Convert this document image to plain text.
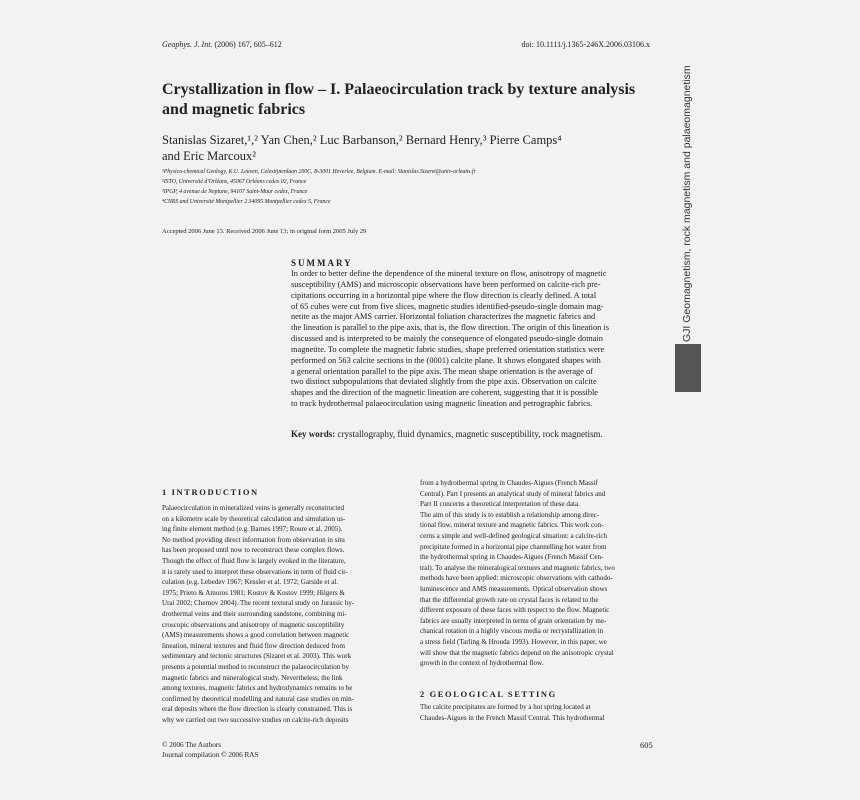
Geophys. J. Int. (2006) 167, 605–612	doi: 10.1111/j.1365-246X.2006.03106.x
Crystallization in flow – I. Palaeocirculation track by texture analysis
and magnetic fabrics
Stanislas Sizaret,¹,² Yan Chen,² Luc Barbanson,² Bernard Henry,³ Pierre Camps⁴
and Eric Marcoux²
¹Physico-chemical Geology, K.U. Leuven, Celestijnenlaan 200C, B-3001 Heverlee, Belgium. E-mail: Stanislas.Sizaret@univ-orleans.fr
²ISTO, Université d'Orléans, 45067 Orléans cedex 02, France
³IPGP, 4 avenue de Neptune, 94107 Saint-Maur cedex, France
⁴CNRS and Université Montpellier 2 34095 Montpellier cedex 5, France
Accepted 2006 June 13. Received 2006 June 13; in original form 2005 July 29
SUMMARY
In order to better define the dependence of the mineral texture on flow, anisotropy of magnetic
susceptibility (AMS) and microscopic observations have been performed on calcite-rich pre-
cipitations occurring in a horizontal pipe where the flow direction is clearly defined. A total
of 65 cubes were cut from five slices, magnetic studies identified-pseudo-single domain mag-
netite as the major AMS carrier. Horizontal foliation characterizes the magnetic fabrics and
the lineation is parallel to the pipe axis, that is, the flow direction. The origin of this lineation is
discussed and is interpreted to be mainly the consequence of elongated pseudo-single domain
magnetite. To complete the magnetic fabric studies, shape preferred orientation statistics were
performed on 563 calcite sections in the (0001) calcite plane. It shows elongated shapes with
a general orientation parallel to the pipe axis. The mean shape orientation is the average of
two distinct subpopulations that deviated slightly from the pipe axis. Observation on calcite
shapes and the direction of the magnetic lineation are coherent, suggesting that it is possible
to track hydrothermal palaeocirculation using magnetic lineation and petrographic fabrics.
Key words: crystallography, fluid dynamics, magnetic susceptibility, rock magnetism.
1 INTRODUCTION
Palaeocirculation in mineralized veins is generally reconstructed
on a kilometre scale by theoretical calculation and simulation us-
ing finite element method (e.g. Barnes 1997; Roure et al. 2005).
No method providing direct information from observation in situ
has been proposed until now to reconstruct these complex flows.
Though the effect of fluid flow is largely evoked in the literature,
it is rarely used to interpret these observations in term of fluid cir-
culation (e.g. Lebedev 1967; Kessler et al. 1972; Garside et al.
1975; Prieto & Amoros 1981; Kostov & Kostov 1999; Hilgers &
Urai 2002; Chernov 2004). The recent textural study on Jurassic hy-
drothermal veins and their surrounding sandstone, combining mi-
croscopic observations and anisotropy of magnetic susceptibility
(AMS) measurements shows a good correlation between magnetic
lineation, mineral textures and fluid flow direction deduced from
sedimentary and tectonic structures (Sizaret et al. 2003). This work
presents a potential method to reconstruct the palaeocirculation by
magnetic fabrics and mineralogical study. Nevertheless, the link
among textures, magnetic fabrics and hydrodynamics remains to be
confirmed by theoretical modelling and natural case studies on min-
eral deposits where the flow direction is clearly constrained. This is
why we carried out two successive studies on calcite-rich deposits
from a hydrothermal spring in Chaudes-Aigues (French Massif
Central). Part I presents an analytical study of mineral fabrics and
Part II concerns a theoretical interpretation of these data.
The aim of this study is to establish a relationship among direc-
tional flow, mineral texture and magnetic fabrics. This work con-
cerns a simple and well-defined geological situation: a calcite-rich
precipitate formed in a horizontal pipe channelling hot water from
the hydrothermal spring in Chaudes-Aigues (French Massif Cen-
tral). To analyse the mineralogical textures and magnetic fabrics, two
methods have been applied: microscopic observations with cathodo-
luminescence and AMS measurements. Optical observation shows
that the differential growth rate on crystal faces is related to the
different exposure of these faces with respect to the flow. Magnetic
fabrics are usually interpreted in terms of grain orientation by me-
chanical rotation in a highly viscous media or recrystallization in
a stress field (Tarling & Hrouda 1993). However, in this paper, we
will show that the magnetic fabrics depend on the anisotropic crystal
growth in the context of hydrothermal flow.
2 GEOLOGICAL SETTING
The calcite precipitates are formed by a hot spring located at
Chaudes-Aigues in the French Massif Central. This hydrothermal
© 2006 The Authors
Journal compilation © 2006 RAS
605
GJI Geomagnetism, rock magnetism and palaeomagnetism
